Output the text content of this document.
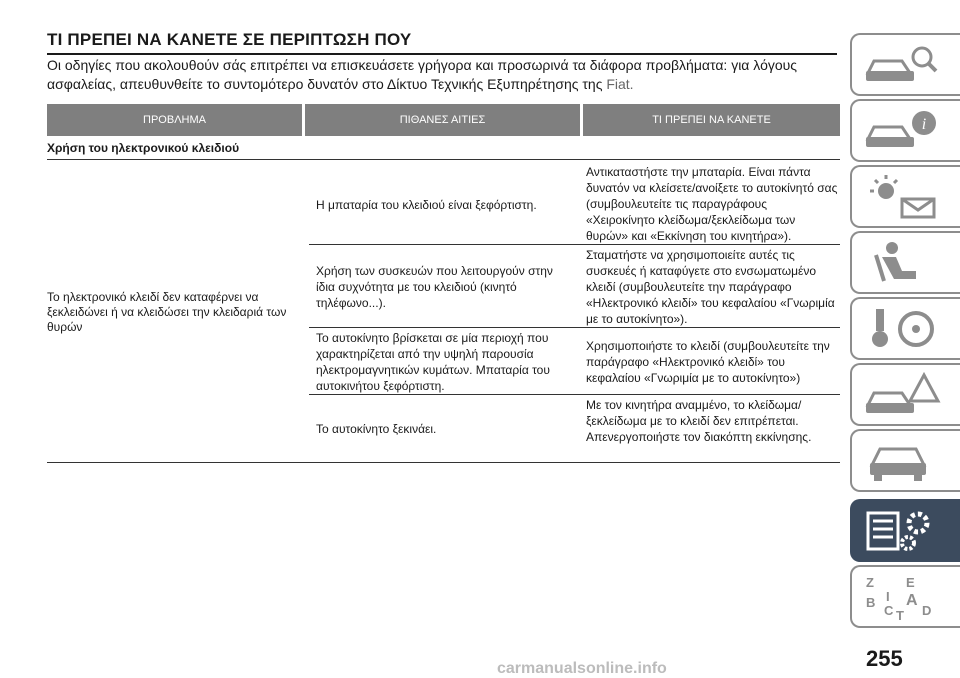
ΤΙ ΠΡΕΠΕΙ ΝΑ ΚΑΝΕΤΕ ΣΕ ΠΕΡΙΠΤΩΣΗ ΠΟΥ
Οι οδηγίες που ακολουθούν σάς επιτρέπει να επισκευάσετε γρήγορα και προσωρινά τα διάφορα προβλήματα: για λόγους ασφαλείας, απευθυνθείτε το συντομότερο δυνατόν στο Δίκτυο Τεχνικής Εξυπηρέτησης της Fiat.
ΠΡΟΒΛΗΜΑ	ΠΙΘΑΝΕΣ ΑΙΤΙΕΣ	ΤΙ ΠΡΕΠΕΙ ΝΑ ΚΑΝΕΤΕ
Χρήση του ηλεκτρονικού κλειδιού
Το ηλεκτρονικό κλειδί δεν καταφέρνει να ξεκλειδώνει ή να κλειδώσει την κλειδαριά των θυρών
Η μπαταρία του κλειδιού είναι ξεφόρτιστη.
Αντικαταστήστε την μπαταρία. Είναι πάντα δυνατόν να κλείσετε/ανοίξετε το αυτοκίνητό σας (συμβουλευτείτε τις παραγράφους «Χειροκίνητο κλείδωμα/ξεκλείδωμα των θυρών» και «Εκκίνηση του κινητήρα»).
Χρήση των συσκευών που λειτουργούν στην ίδια συχνότητα με του κλειδιού (κινητό τηλέφωνο...).
Σταματήστε να χρησιμοποιείτε αυτές τις συσκευές ή καταφύγετε στο ενσωματωμένο κλειδί (συμβουλευτείτε την παράγραφο «Ηλεκτρονικό κλειδί» του κεφαλαίου «Γνωριμία με το αυτοκίνητο»).
Το αυτοκίνητο βρίσκεται σε μία περιοχή που χαρακτηρίζεται από την υψηλή παρουσία ηλεκτρομαγνητικών κυμάτων. Μπαταρία του αυτοκινήτου ξεφόρτιστη.
Χρησιμοποιήστε το κλειδί (συμβουλευτείτε την παράγραφο «Ηλεκτρονικό κλειδί» του κεφαλαίου «Γνωριμία με το αυτοκίνητο»)
Το αυτοκίνητο ξεκινάει.
Με τον κινητήρα αναμμένο, το κλείδωμα/ξεκλείδωμα με το κλειδί δεν επιτρέπεται. Απενεργοποιήστε τον διακόπτη εκκίνησης.
i
Z E
I
B A
C D
T
255
carmanualsonline.info
